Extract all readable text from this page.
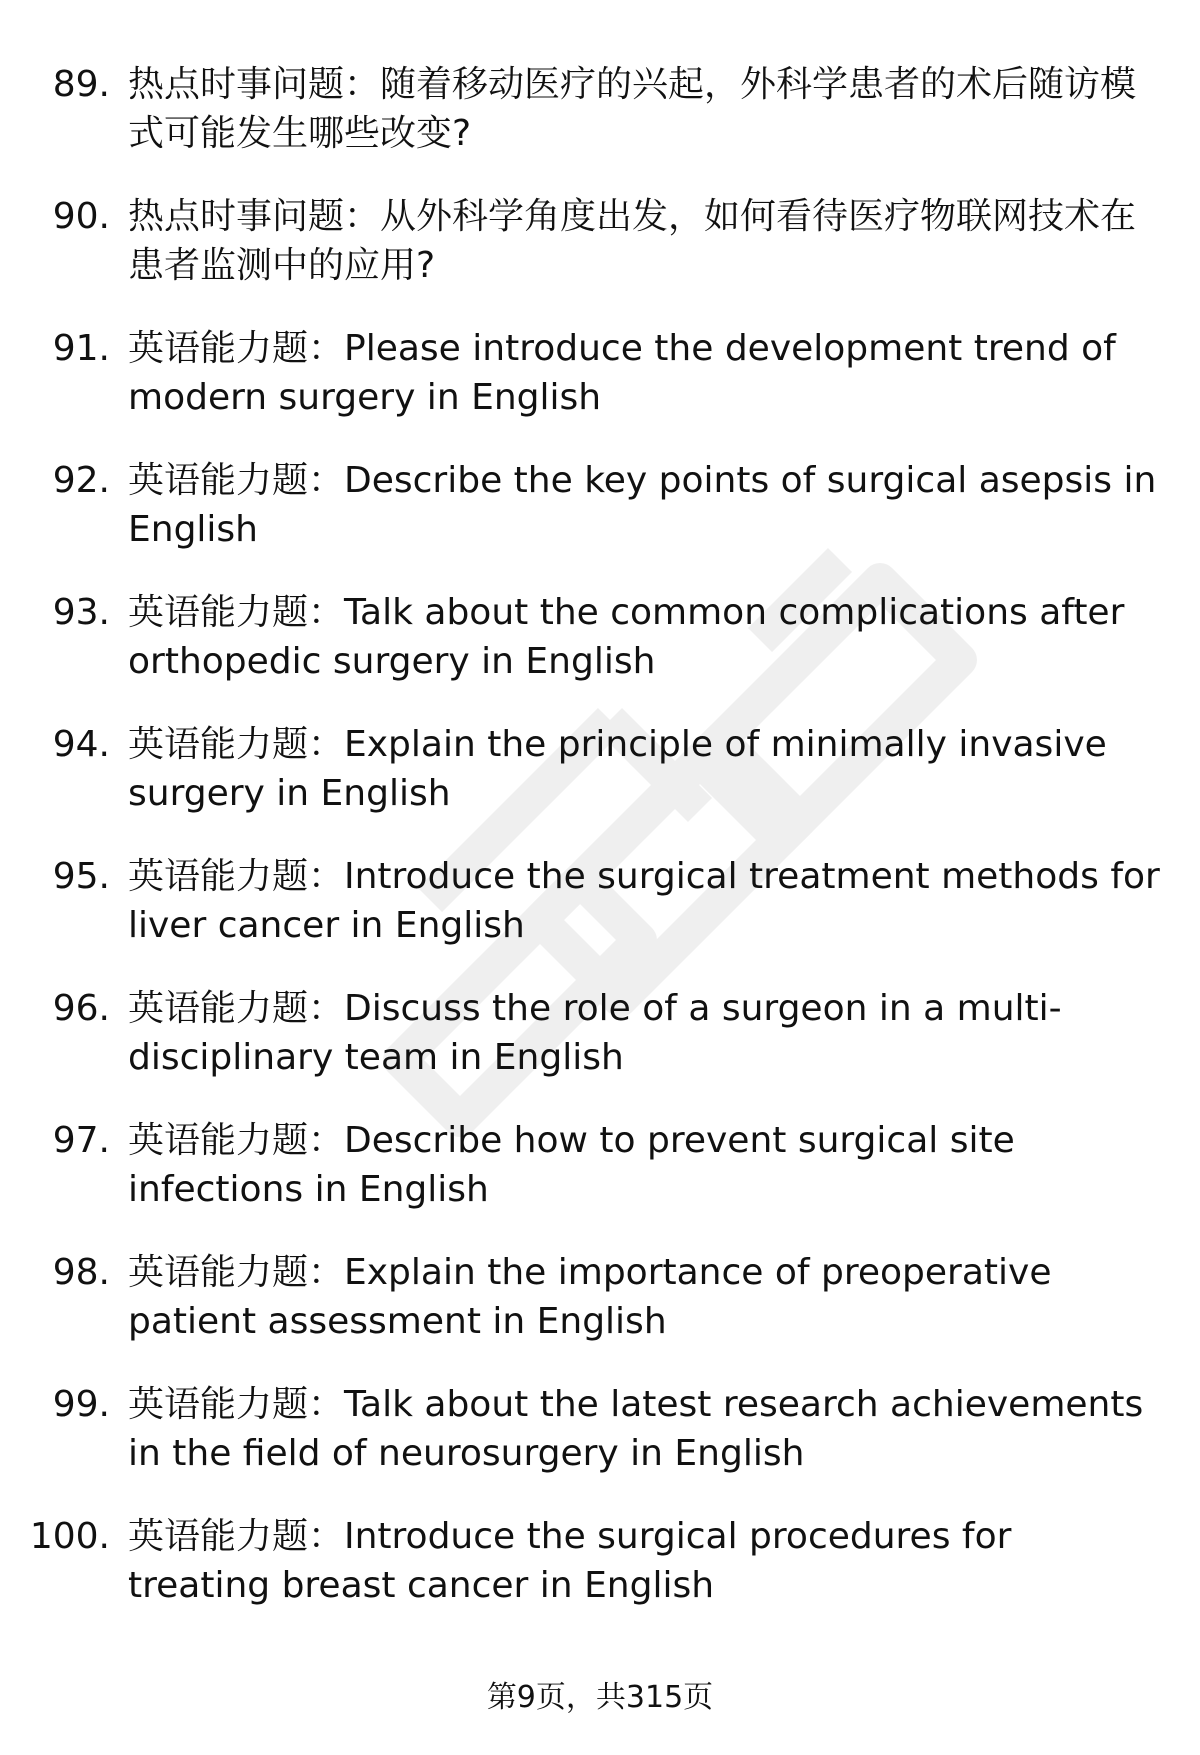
89. 热点时事问题：随着移动医疗的兴起，外科学患者的术后随访模式可能发生哪些改变?
90. 热点时事问题：从外科学角度出发，如何看待医疗物联网技术在患者监测中的应用?
91. 英语能力题：Please introduce the development trend of modern surgery in English
92. 英语能力题：Describe the key points of surgical asepsis in English
93. 英语能力题：Talk about the common complications after orthopedic surgery in English
94. 英语能力题：Explain the principle of minimally invasive surgery in English
95. 英语能力题：Introduce the surgical treatment methods for liver cancer in English
96. 英语能力题：Discuss the role of a surgeon in a multi-disciplinary team in English
97. 英语能力题：Describe how to prevent surgical site infections in English
98. 英语能力题：Explain the importance of preoperative patient assessment in English
99. 英语能力题：Talk about the latest research achievements in the field of neurosurgery in English
100. 英语能力题：Introduce the surgical procedures for treating breast cancer in English
第9页，共315页
